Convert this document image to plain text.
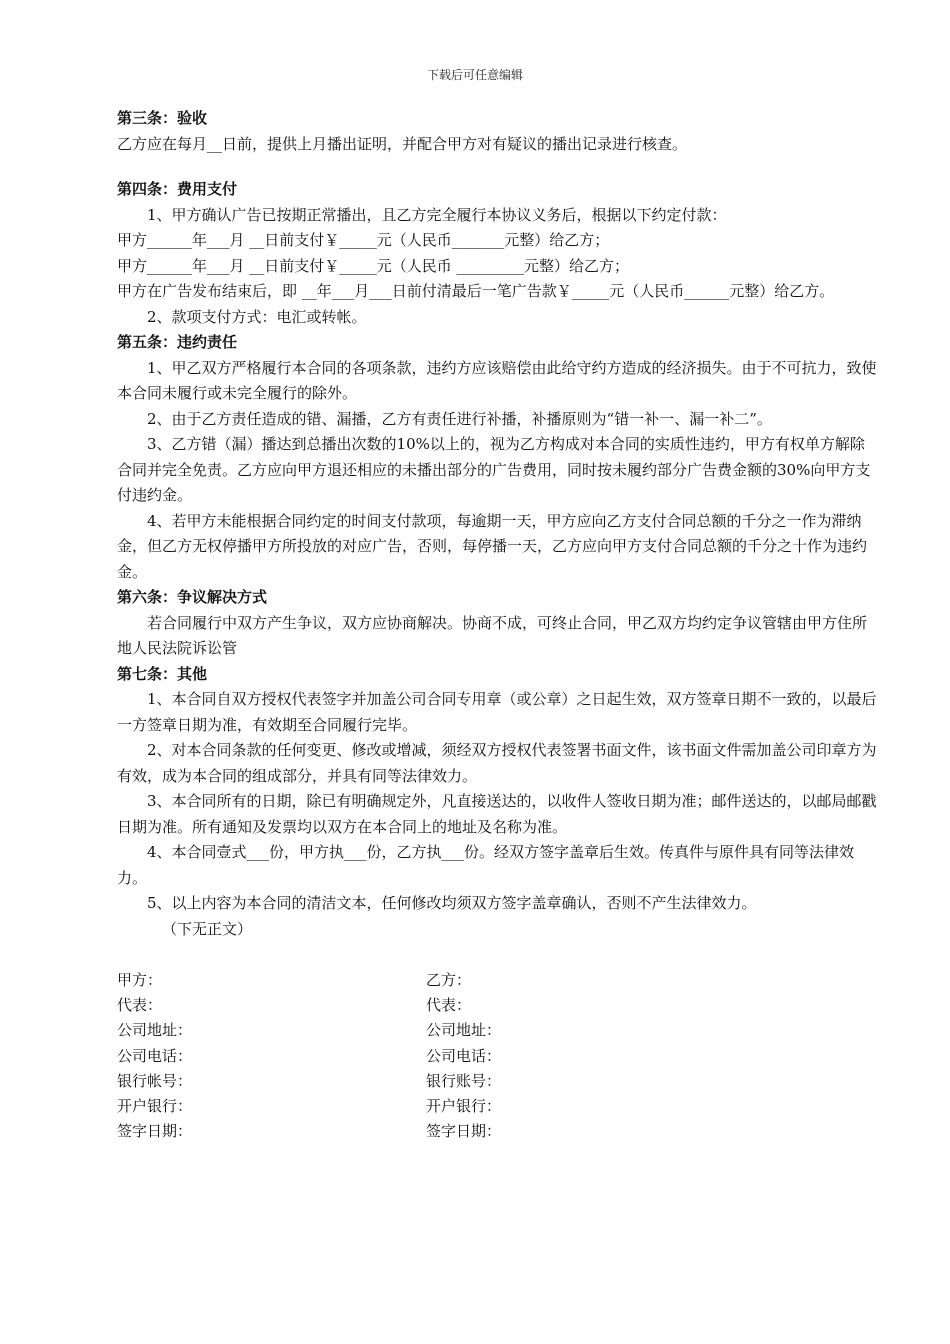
下载后可任意编辑
第三条：验收
乙方应在每月__日前，提供上月播出证明，并配合甲方对有疑议的播出记录进行核查。
第四条：费用支付
1、甲方确认广告已按期正常播出，且乙方完全履行本协议义务后，根据以下约定付款：
甲方______年___月 __日前支付￥_____元（人民币_______元整）给乙方；
甲方______年___月 __日前支付￥_____元（人民币 _________元整）给乙方；
甲方在广告发布结束后，即 __年___月___日前付清最后一笔广告款￥_____元（人民币______元整）给乙方。
2、款项支付方式：电汇或转帐。
第五条：违约责任
1、甲乙双方严格履行本合同的各项条款，违约方应该赔偿由此给守约方造成的经济损失。由于不可抗力，致使本合同未履行或未完全履行的除外。
2、由于乙方责任造成的错、漏播，乙方有责任进行补播，补播原则为“错一补一、漏一补二”。
3、乙方错（漏）播达到总播出次数的10%以上的，视为乙方构成对本合同的实质性违约，甲方有权单方解除合同并完全免责。乙方应向甲方退还相应的未播出部分的广告费用，同时按未履约部分广告费金额的30%向甲方支付违约金。
4、若甲方未能根据合同约定的时间支付款项，每逾期一天，甲方应向乙方支付合同总额的千分之一作为滞纳金，但乙方无权停播甲方所投放的对应广告，否则，每停播一天，乙方应向甲方支付合同总额的千分之十作为违约金。
第六条：争议解决方式
若合同履行中双方产生争议，双方应协商解决。协商不成，可终止合同，甲乙双方均约定争议管辖由甲方住所地人民法院诉讼管
第七条：其他
1、本合同自双方授权代表签字并加盖公司合同专用章（或公章）之日起生效，双方签章日期不一致的，以最后一方签章日期为准，有效期至合同履行完毕。
2、对本合同条款的任何变更、修改或增减，须经双方授权代表签署书面文件，该书面文件需加盖公司印章方为有效，成为本合同的组成部分，并具有同等法律效力。
3、本合同所有的日期，除已有明确规定外，凡直接送达的，以收件人签收日期为准；邮件送达的，以邮局邮戳日期为准。所有通知及发票均以双方在本合同上的地址及名称为准。
4、本合同壹式___份，甲方执___份，乙方执___份。经双方签字盖章后生效。传真件与原件具有同等法律效力。
5、以上内容为本合同的清洁文本，任何修改均须双方签字盖章确认，否则不产生法律效力。
（下无正文）
甲方：	乙方：
代表：	代表：
公司地址：	公司地址：
公司电话：	公司电话：
银行帐号：	银行账号：
开户银行：	开户银行：
签字日期：	签字日期：
